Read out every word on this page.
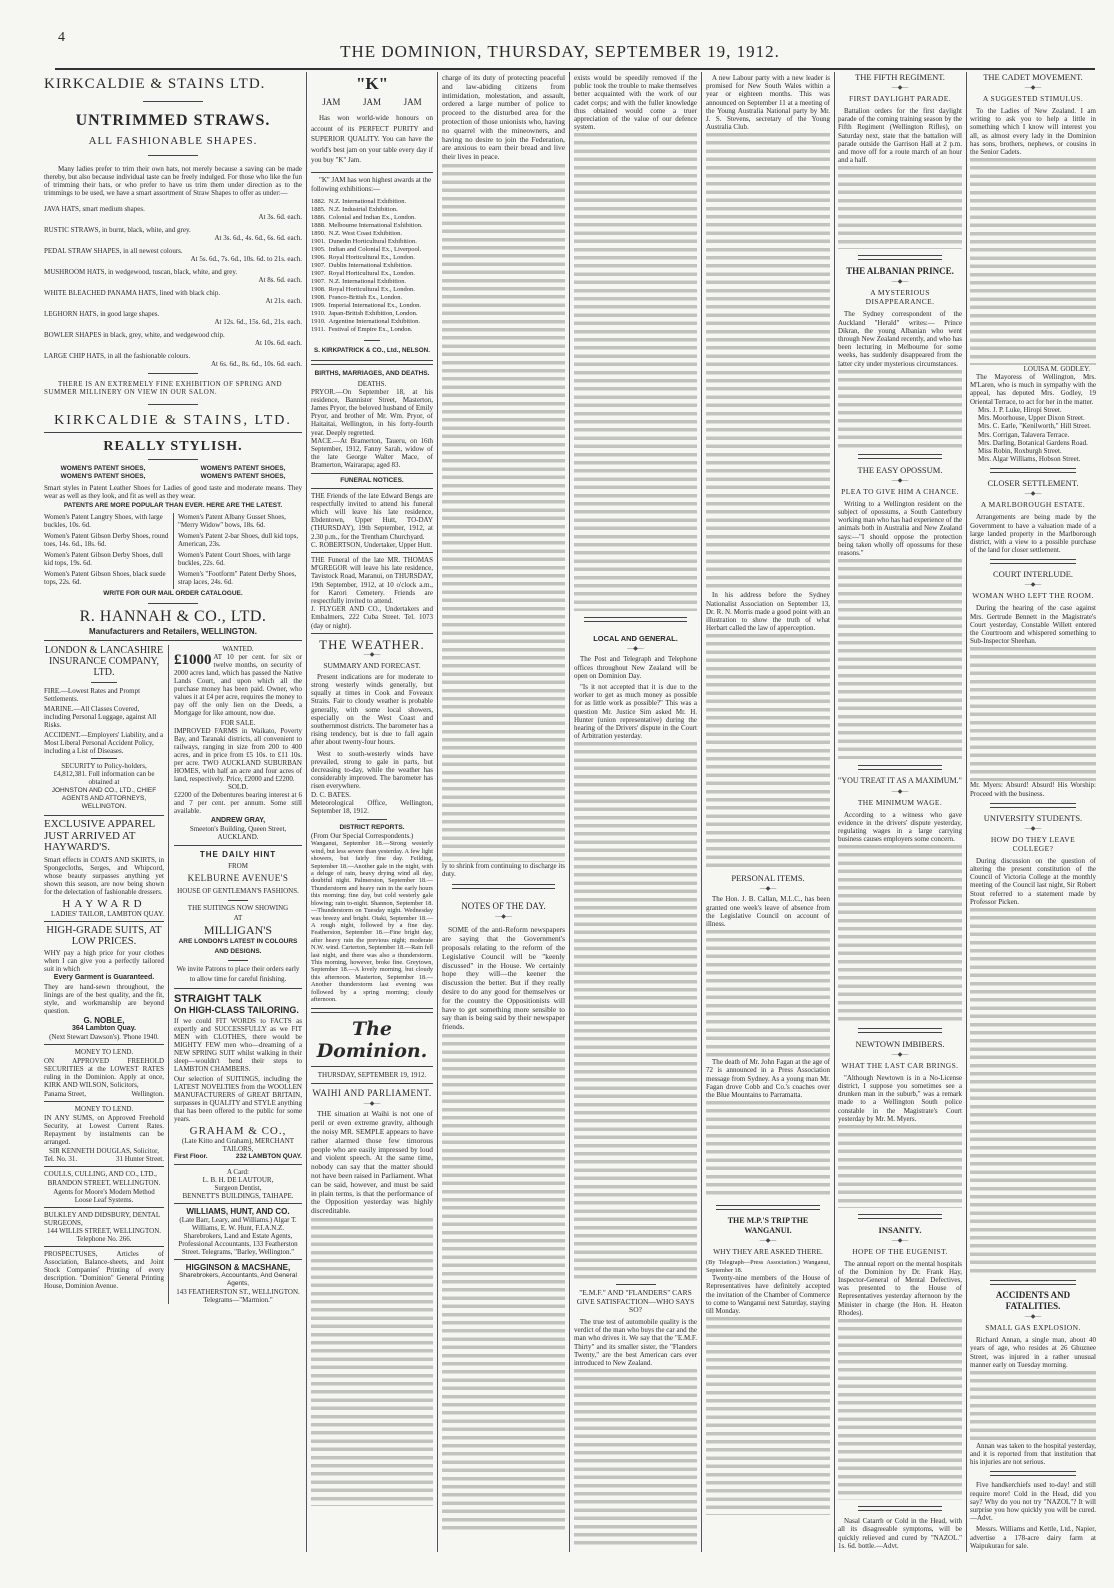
4
THE DOMINION, THURSDAY, SEPTEMBER 19, 1912.
KIRKCALDIE & STAINS LTD.
UNTRIMMED STRAWS.
ALL FASHIONABLE SHAPES.

Many ladies prefer to trim their own hats, not merely because a saving can be made thereby, but also because individual taste can be freely indulged. For those who like the fun of trimming their hats, or who prefer to have us trim them under direction as to the trimmings to be used, we have a smart assortment of Straw Shapes to offer as under:—

JAVA HATS, smart medium shapes.
At 3s. 6d. each.
RUSTIC STRAWS, in burnt, black, white, and grey.
At 3s. 6d., 4s. 6d., 6s. 6d. each.
PEDAL STRAW SHAPES, in all newest colours.
At 5s. 6d., 7s. 6d., 10s. 6d. to 21s. each.
MUSHROOM HATS, in wedgewood, tuscan, black, white, and grey.
At 8s. 6d. each.
WHITE BLEACHED PANAMA HATS, lined with black chip.
At 21s. each.
LEGHORN HATS, in good large shapes.
At 12s. 6d., 15s. 6d., 21s. each.
BOWLER SHAPES in black, grey, white, and wedgewood chip.
At 10s. 6d. each.
LARGE CHIP HATS, in all the fashionable colours.
At 6s. 6d., 8s. 6d., 10s. 6d. each.

THERE IS AN EXTREMELY FINE EXHIBITION OF SPRING AND SUMMER MILLINERY ON VIEW IN OUR SALON.

KIRKCALDIE & STAINS, LTD.
REALLY STYLISH.
WOMEN'S PATENT SHOES, WOMEN'S PATENT SHOES,
WOMEN'S PATENT SHOES, WOMEN'S PATENT SHOES,

Smart styles in Patent Leather Shoes for Ladies of good taste and moderate means. They wear as well as they look, and fit as well as they wear.

PATENTS ARE MORE POPULAR THAN EVER. HERE ARE THE LATEST.
Women's Patent Langtry Shoes, with large buckles, 10s. 6d.
Women's Patent Gibson Derby Shoes, round toes, 14s. 6d., 18s. 6d.
Women's Patent Gibson Derby Shoes, dull kid tops, 19s. 6d.
Women's Patent Gibson Shoes, black suede tops, 22s. 6d.
Women's Patent Albany Gusset Shoes, "Merry Widow" bows, 18s. 6d.
Women's Patent 2-bar Shoes, dull kid tops, American, 23s.
Women's Patent Court Shoes, with large buckles, 22s. 6d.
Women's "Footform" Patent Derby Shoes, strap laces, 24s. 6d.
WRITE FOR OUR MAIL ORDER CATALOGUE.
R. HANNAH & CO., LTD.
Manufacturers and Retailers, WELLINGTON.
LONDON & LANCASHIRE INSURANCE COMPANY, LTD.

FIRE.—Lowest Rates and Prompt Settlements.

MARINE.—All Classes Covered, including Personal Luggage, against All Risks.

ACCIDENT.—Employers' Liability, and a Most Liberal Personal Accident Policy, including a List of Diseases.

SECURITY to Policy-holders, £4,812,381. Full information can be obtained at

JOHNSTON AND CO., LTD., CHIEF AGENTS AND ATTORNEYS, WELLINGTON.

EXCLUSIVE APPAREL JUST ARRIVED AT HAYWARD'S.

Smart effects in COATS AND SKIRTS, in Spongecloths, Serges, and Whipcord, whose beauty surpasses anything yet shown this season, are now being shown for the delectation of fashionable dressers.

HAYWARD

LADIES' TAILOR, LAMBTON QUAY.

HIGH-GRADE SUITS, AT LOW PRICES.

WHY pay a high price for your clothes when I can give you a perfectly tailored suit in which

Every Garment is Guaranteed.

They are hand-sewn throughout, the linings are of the best quality, and the fit, style, and workmanship are beyond question.

G. NOBLE,
364 Lambton Quay.

(Next Stewart Dawson's). 'Phone 1940.

MONEY TO LEND.

ON APPROVED FREEHOLD SECURITIES at the LOWEST RATES ruling in the Dominion. Apply at once, KIRK AND WILSON, Solicitors,

Panama Street,	Wellington.
MONEY TO LEND.

IN ANY SUMS, on Approved Freehold Security, at Lowest Current Rates. Repayment by instalments can be arranged.

SIR KENNETH DOUGLAS, Solicitor,

Tel. No. 31.	31 Hunter Street.

COULLS, CULLING, AND CO., LTD.,

BRANDON STREET, WELLINGTON.

Agents for Moore's Modern Method Loose Leaf Systems.

BULKLEY AND DIDSBURY, DENTAL SURGEONS,

144 WILLIS STREET, WELLINGTON.

Telephone No. 266.

PROSPECTUSES, Articles of Association, Balance-sheets, and Joint Stock Companies' Printing of every description. "Dominion" General Printing House, Dominion Avenue.

WANTED.

£1000 AT 10 per cent. for six or twelve months, on security of 2000 acres land, which has passed the Native Lands Court, and upon which all the purchase money has been paid. Owner, who values it at £4 per acre, requires the money to pay off the only lien on the Deeds, a Mortgage for like amount, now due.

FOR SALE.

IMPROVED FARMS in Waikato, Poverty Bay, and Taranaki districts, all convenient to railways, ranging in size from 200 to 400 acres, and in price from £5 10s. to £11 10s. per acre. TWO AUCKLAND SUBURBAN HOMES, with half an acre and four acres of land, respectively. Price, £2000 and £2200.

SOLD.

£2200 of the Debentures bearing interest at 6 and 7 per cent. per annum. Some still available.

ANDREW GRAY,

Smeeton's Building, Queen Street, AUCKLAND.

THE DAILY HINT
FROM
KELBURNE AVENUE'S
HOUSE OF GENTLEMAN'S FASHIONS.
THE SUITINGS NOW SHOWING
AT
MILLIGAN'S
ARE LONDON'S LATEST IN COLOURS AND DESIGNS.

We invite Patrons to place their orders early to allow time for careful finishing.

STRAIGHT TALK
On HIGH-CLASS TAILORING.

If we could FIT WORDS to FACTS as expertly and SUCCESSFULLY as we FIT MEN with CLOTHES, there would be MIGHTY FEW men who—dreaming of a NEW SPRING SUIT whilst walking in their sleep—wouldn't bend their steps to LAMBTON CHAMBERS.

Our selection of SUITINGS, including the LATEST NOVELTIES from the WOOLLEN MANUFACTURERS of GREAT BRITAIN, surpasses in QUALITY and STYLE anything that has been offered to the public for some years.

GRAHAM & CO.,

(Late Kitto and Graham), MERCHANT TAILORS,

First Floor.	232 LAMBTON QUAY.
A Card:
L. B. H. DE LAUTOUR,
Surgeon Dentist,
BENNETT'S BUILDINGS, TAIHAPE.
WILLIAMS, HUNT, AND CO.

(Late Barr, Leary, and Williams.) Algar T. Williams, E. W. Hunt, F.I.A.N.Z. Sharebrokers, Land and Estate Agents, Professional Accountants, 133 Featherston Street. Telegrams, "Barley, Wellington."

HIGGINSON & MACSHANE,

Sharebrokers, Accountants, And General Agents,

143 FEATHERSTON ST., WELLINGTON.

Telegrams—"Marmion."

"K"
JAM	JAM	JAM

Has won world-wide honours on account of its PERFECT PURITY and SUPERIOR QUALITY. You can have the world's best jam on your table every day if you buy "K" Jam.

"K" JAM has won highest awards at the following exhibitions:—

1882. N.Z. International Exhibition.
1885. N.Z. Industrial Exhibition.
1886. Colonial and Indian Ex., London.
1888. Melbourne International Exhibition.
1890. N.Z. West Coast Exhibition.
1901. Dunedin Horticultural Exhibition.
1905. Indian and Colonial Ex., Liverpool.
1906. Royal Horticultural Ex., London.
1907. Dublin International Exhibition.
1907. Royal Horticultural Ex., London.
1907. N.Z. International Exhibition.
1908. Royal Horticultural Ex., London.
1908. Franco-British Ex., London.
1909. Imperial International Ex., London.
1910. Japan-British Exhibition, London.
1910. Argentine International Exhibition.
1911. Festival of Empire Ex., London.
S. KIRKPATRICK & CO., Ltd., NELSON.
BIRTHS, MARRIAGES, AND DEATHS.
DEATHS.

PRYOR.—On September 18, at his residence, Bannister Street, Masterton, James Pryor, the beloved husband of Emily Pryor, and brother of Mr. Wm. Pryor, of Haitaitai, Wellington, in his forty-fourth year. Deeply regretted.

MACE.—At Bramerton, Taueru, on 16th September, 1912, Fanny Sarah, widow of the late George Walter Mace, of Bramerton, Wairarapa; aged 83.

FUNERAL NOTICES.

THE Friends of the late Edward Bengs are respectfully invited to attend his funeral which will leave his late residence, Ebdentown, Upper Hutt, TO-DAY (THURSDAY), 19th September, 1912, at 2.30 p.m., for the Trentham Churchyard.

C. ROBERTSON, Undertaker, Upper Hutt.

THE Funeral of the late MR. THOMAS M'GREGOR will leave his late residence, Tavistock Road, Maranui, on THURSDAY, 19th September, 1912, at 10 o'clock a.m., for Karori Cemetery. Friends are respectfully invited to attend.

J. FLYGER AND CO., Undertakers and Embalmers, 222 Cuba Street. Tel. 1073 (day or night).

THE WEATHER.
—◆—
SUMMARY AND FORECAST.

Present indications are for moderate to strong westerly winds generally, but squally at times in Cook and Foveaux Straits. Fair to cloudy weather is probable generally, with some local showers, especially on the West Coast and southernmost districts. The barometer has a rising tendency, but is due to fall again after about twenty-four hours.

West to south-westerly winds have prevailed, strong to gale in parts, but decreasing to-day, while the weather has considerably improved. The barometer has risen everywhere.

D. C. BATES.

Meteorological Office, Wellington, September 18, 1912.

DISTRICT REPORTS.

(From Our Special Correspondents.)

Wanganui, September 18.—Strong westerly wind, but less severe than yesterday. A few light showers, but fairly fine day. Feilding, September 18.—Another gale in the night, with a deluge of rain, heavy drying wind all day, doubtful night. Palmerston, September 18.—Thunderstorm and heavy rain in the early hours this morning; fine day, but cold westerly gale blowing; rain to-night. Shannon, September 18.—Thunderstorm on Tuesday night. Wednesday was breezy and bright. Otaki, September 18.—A rough night, followed by a fine day. Featherston, September 18.—Fine bright day, after heavy rain the previous night; moderate N.W. wind. Carterton, September 18.—Rain fell last night, and there was also a thunderstorm. This morning, however, broke fine. Greytown, September 18.—A lovely morning, but cloudy this afternoon. Masterton, September 18.—Another thunderstorm last evening was followed by a spring morning; cloudy afternoon.

The Dominion.
THURSDAY, SEPTEMBER 19, 1912.
WAIHI AND PARLIAMENT.
—◆—

THE situation at Waihi is not one of peril or even extreme gravity, although the noisy MR. SEMPLE appears to have rather alarmed those few timorous people who are easily impressed by loud and violent speech. At the same time, nobody can say that the matter should not have been raised in Parliament. What can be said, however, and must be said in plain terms, is that the performance of the Opposition yesterday was highly discreditable.

charge of its duty of protecting peaceful and law-abiding citizens from intimidation, molestation, and assault, ordered a large number of police to proceed to the disturbed area for the protection of those unionists who, having no quarrel with the mineowners, and having no desire to join the Federation, are anxious to earn their bread and live their lives in peace.

ly to shrink from continuing to discharge its duty.

NOTES OF THE DAY.
—◆—

SOME of the anti-Reform newspapers are saying that the Government's proposals relating to the reform of the Legislative Council will be "keenly discussed" in the House. We certainly hope they will—the keener the discussion the better. But if they really desire to do any good for themselves or for the country the Oppositionists will have to get something more sensible to say than is being said by their newspaper friends.

exists would be speedily removed if the public took the trouble to make themselves better acquainted with the work of our cadet corps; and with the fuller knowledge thus obtained would come a truer appreciation of the value of our defence system.

LOCAL AND GENERAL.
—◆—

The Post and Telegraph and Telephone offices throughout New Zealand will be open on Dominion Day.

"Is it not accepted that it is due to the worker to get as much money as possible for as little work as possible?" This was a question Mr. Justice Sim asked Mr. H. Hunter (union representative) during the hearing of the Drivers' dispute in the Court of Arbitration yesterday.

"E.M.F." AND "FLANDERS" CARS GIVE SATISFACTION—WHO SAYS SO?

The true test of automobile quality is the verdict of the man who buys the car and the man who drives it. We say that the "E.M.F. Thirty" and its smaller sister, the "Flanders Twenty," are the best American cars ever introduced to New Zealand.

A new Labour party with a new leader is promised for New South Wales within a year or eighteen months. This was announced on September 11 at a meeting of the Young Australia National party by Mr. J. S. Stevens, secretary of the Young Australia Club.

In his address before the Sydney Nationalist Association on September 13, Dr. R. N. Morris made a good point with an illustration to show the truth of what Herbart called the law of apperception.

PERSONAL ITEMS.
—◆—

The Hon. J. B. Callan, M.L.C., has been granted one week's leave of absence from the Legislative Council on account of illness.

The death of Mr. John Fagan at the age of 72 is announced in a Press Association message from Sydney. As a young man Mr. Fagan drove Cobb and Co.'s coaches over the Blue Mountains to Parramatta.

THE M.P.'S TRIP THE WANGANUI.
—◆—
WHY THEY ARE ASKED THERE.

(By Telegraph—Press Association.) Wanganui, September 18.

Twenty-nine members of the House of Representatives have definitely accepted the invitation of the Chamber of Commerce to come to Wanganui next Saturday, staying till Monday.

THE FIFTH REGIMENT.
—◆—
FIRST DAYLIGHT PARADE.

Battalion orders for the first daylight parade of the coming training season by the Fifth Regiment (Wellington Rifles), on Saturday next, state that the battalion will parade outside the Garrison Hall at 2 p.m. and move off for a route march of an hour and a half.

THE ALBANIAN PRINCE.
—◆—
A MYSTERIOUS DISAPPEARANCE.

The Sydney correspondent of the Auckland "Herald" writes:— Prince Dikran, the young Albanian who went through New Zealand recently, and who has been lecturing in Melbourne for some weeks, has suddenly disappeared from the latter city under mysterious circumstances.

THE EASY OPOSSUM.
—◆—
PLEA TO GIVE HIM A CHANCE.

Writing to a Wellington resident on the subject of opossums, a South Canterbury working man who has had experience of the animals both in Australia and New Zealand says:—"I should oppose the protection being taken wholly off opossums for these reasons."

"YOU TREAT IT AS A MAXIMUM."
—◆—
THE MINIMUM WAGE.

According to a witness who gave evidence in the drivers' dispute yesterday, regulating wages in a large carrying business causes employers some concern.

NEWTOWN IMBIBERS.
—◆—
WHAT THE LAST CAR BRINGS.

"Although Newtown is in a No-License district, I suppose you sometimes see a drunken man in the suburb," was a remark made to a Wellington South police constable in the Magistrate's Court yesterday by Mr. M. Myers.

INSANITY.
—◆—
HOPE OF THE EUGENIST.

The annual report on the mental hospitals of the Dominion by Dr. Frank Hay, Inspector-General of Mental Defectives, was presented to the House of Representatives yesterday afternoon by the Minister in charge (the Hon. H. Heaton Rhodes).

Nasal Catarrh or Cold in the Head, with all its disagreeable symptoms, will be quickly relieved and cured by "NAZOL." 1s. 6d. bottle.—Advt.

THE CADET MOVEMENT.
—◆—
A SUGGESTED STIMULUS.

To the Ladies of New Zealand. I am writing to ask you to help a little in something which I know will interest you all, as almost every lady in the Dominion has sons, brothers, nephews, or cousins in the Senior Cadets.

LOUISA M. GODLEY.

The Mayoress of Wellington, Mrs. M'Laren, who is much in sympathy with the appeal, has deputed Mrs. Godley, 19 Oriental Terrace, to act for her in the matter.

Mrs. J. P. Luke, Hiropi Street.
Mrs. Moorhouse, Upper Dixon Street.
Mrs. C. Earle, "Kenilworth," Hill Street.
Mrs. Corrigan, Talavera Terrace.
Mrs. Darling, Botanical Gardens Road.
Miss Robin, Roxburgh Street.
Mrs. Algar Williams, Hobson Street.
CLOSER SETTLEMENT.
—◆—
A MARLBOROUGH ESTATE.

Arrangements are being made by the Government to have a valuation made of a large landed property in the Marlborough district, with a view to a possible purchase of the land for closer settlement.

COURT INTERLUDE.
—◆—
WOMAN WHO LEFT THE ROOM.

During the hearing of the case against Mrs. Gertrude Bennett in the Magistrate's Court yesterday, Constable Willett entered the Courtroom and whispered something to Sub-Inspector Sheehan.

Mr. Myers: Absurd! Absurd! His Worship: Proceed with the business.

UNIVERSITY STUDENTS.
—◆—
HOW DO THEY LEAVE COLLEGE?

During discussion on the question of altering the present constitution of the Council of Victoria College at the monthly meeting of the Council last night, Sir Robert Stout referred to a statement made by Professor Picken.

ACCIDENTS AND FATALITIES.
—◆—
SMALL GAS EXPLOSION.

Richard Annan, a single man, about 40 years of age, who resides at 26 Ghuznee Street, was injured in a rather unusual manner early on Tuesday morning.

Annan was taken to the hospital yesterday, and it is reported from that institution that his injuries are not serious.

Five handkerchiefs used to-day! and still require more! Cold in the Head, did you say? Why do you not try "NAZOL"? It will surprise you how quickly you will be cured.—Advt.

Messrs. Williams and Kettle, Ltd., Napier, advertise a 178-acre dairy farm at Waipukurau for sale.
